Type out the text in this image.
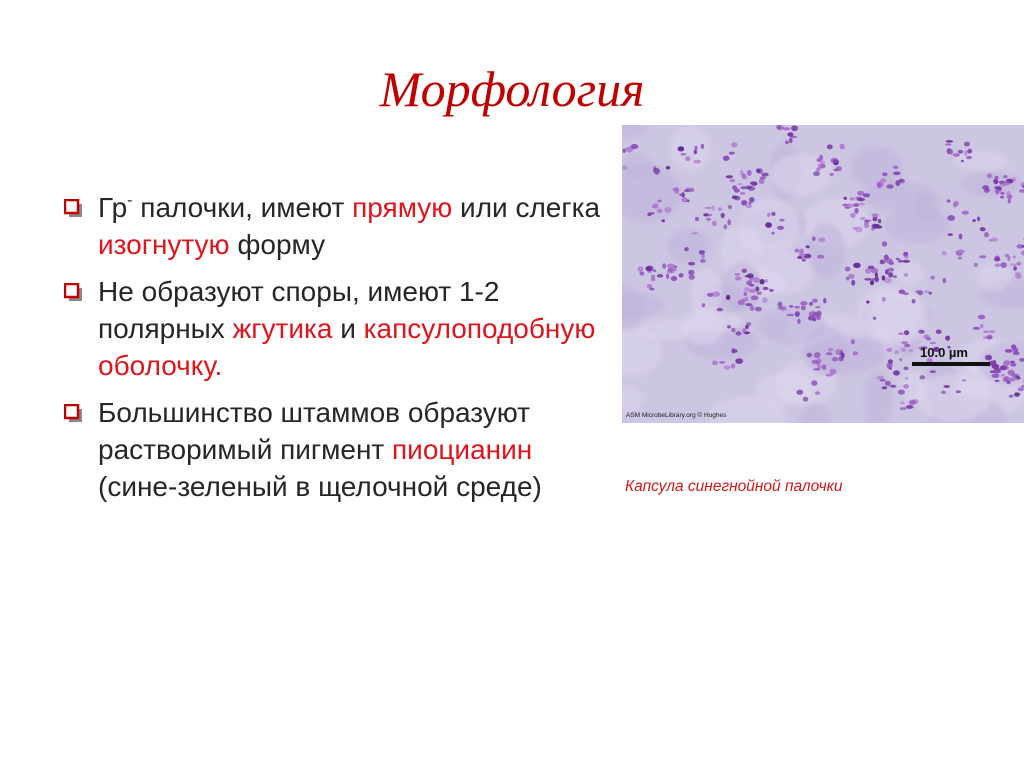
Морфология
Гр- палочки, имеют прямую или слегка изогнутую форму
Не образуют споры, имеют 1-2 полярных жгутика и капсулоподобную оболочку.
Большинство штаммов образуют растворимый пигмент пиоцианин (сине-зеленый в щелочной среде)
10.0 µm
ASM MicrobeLibrary.org © Hughes
Капсула синегнойной палочки
